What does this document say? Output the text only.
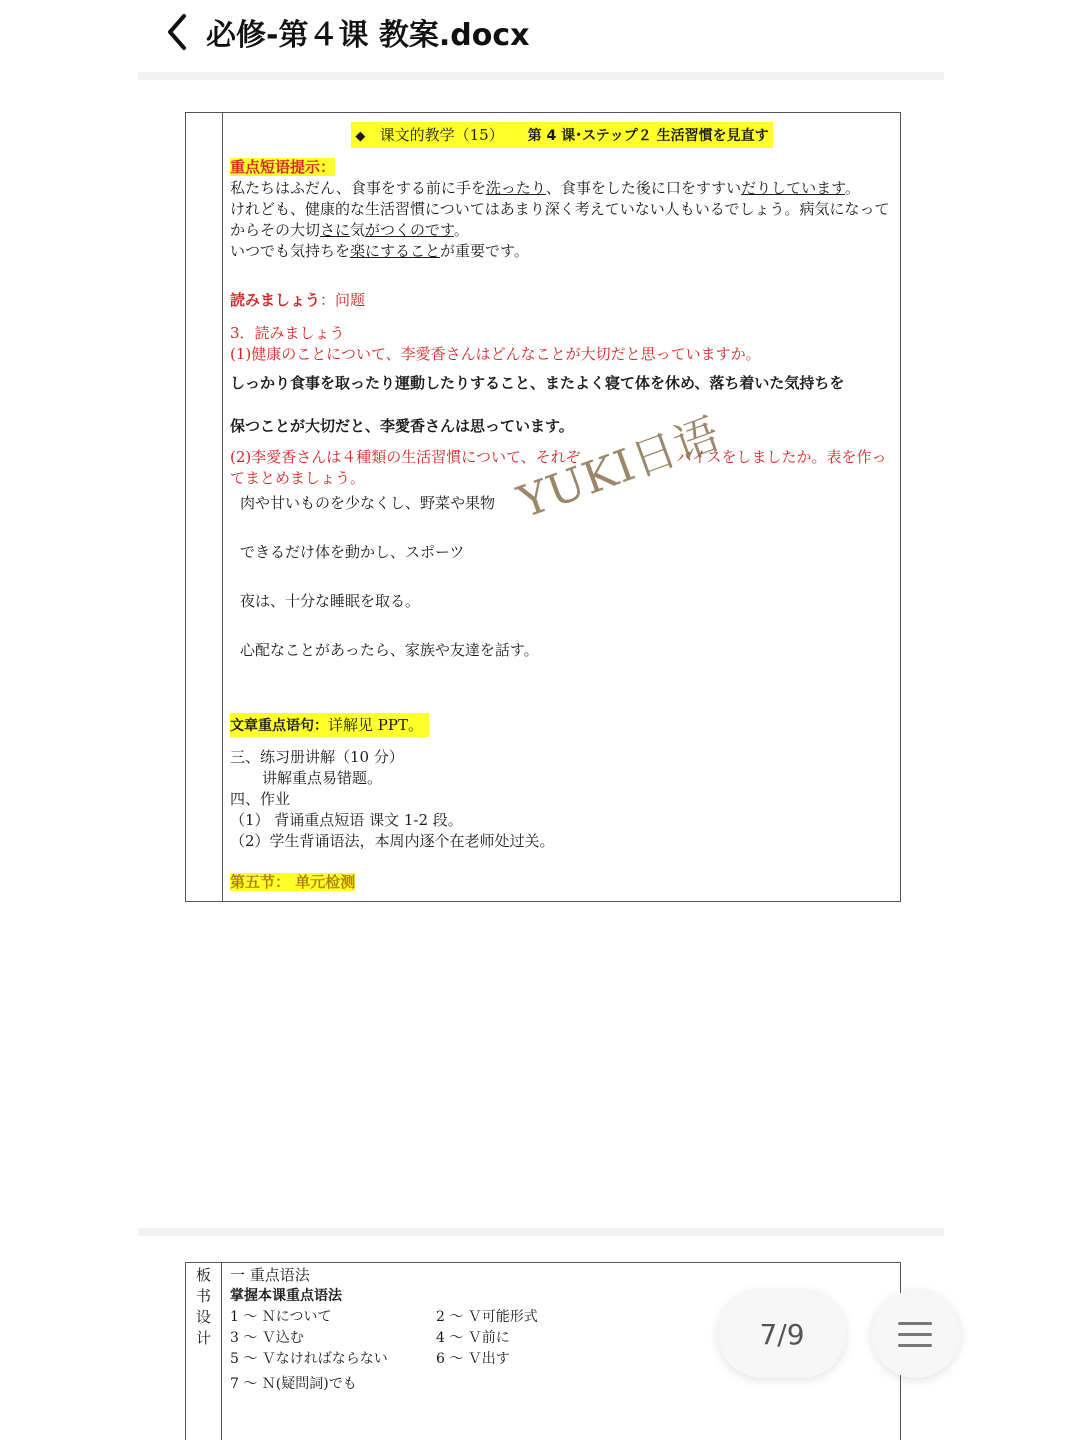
必修-第４课 教案.docx
◆ 课文的教学（15） 第 4 课･ステップ２ 生活習慣を見直す

重点短语提示：

私たちはふだん、食事をする前に手を洗ったり、食事をした後に口をすすいだりしています。

けれども、健康的な生活習慣についてはあまり深く考えていない人もいるでしょう。病気になってからその大切さに気がつくのです。

いつでも気持ちを楽にすることが重要です。

読みましょう：问题

3．読みましょう

(1)健康のことについて、李愛香さんはどんなことが大切だと思っていますか。

しっかり食事を取ったり運動したりすること、またよく寝て体を休め、落ち着いた気持ちを

保つことが大切だと、李愛香さんは思っています。

(2)李愛香さんは４種類の生活習慣について、それぞ	バイスをしましたか。表を作ってまとめましょう。

肉や甘いものを少なくし、野菜や果物

できるだけ体を動かし、スポーツ

夜は、十分な睡眠を取る。

心配なことがあったら、家族や友達を話す。

文章重点语句：详解见 PPT。

三、练习册讲解（10 分）

讲解重点易错题。

四、作业

（1） 背诵重点短语 课文 1-2 段。

（2）学生背诵语法，本周内逐个在老师处过关。

第五节： 单元检测

YUKI日语
板
书
设
计

一 重点语法

掌握本课重点语法

1 ～ Ｎについて	2 ～ Ｖ可能形式
3 ～ Ｖ込む	4 ～ Ｖ前に
5 ～ Ｖなければならない	6 ～ Ｖ出す

7 ～ Ｎ(疑問詞)でも

7/9
